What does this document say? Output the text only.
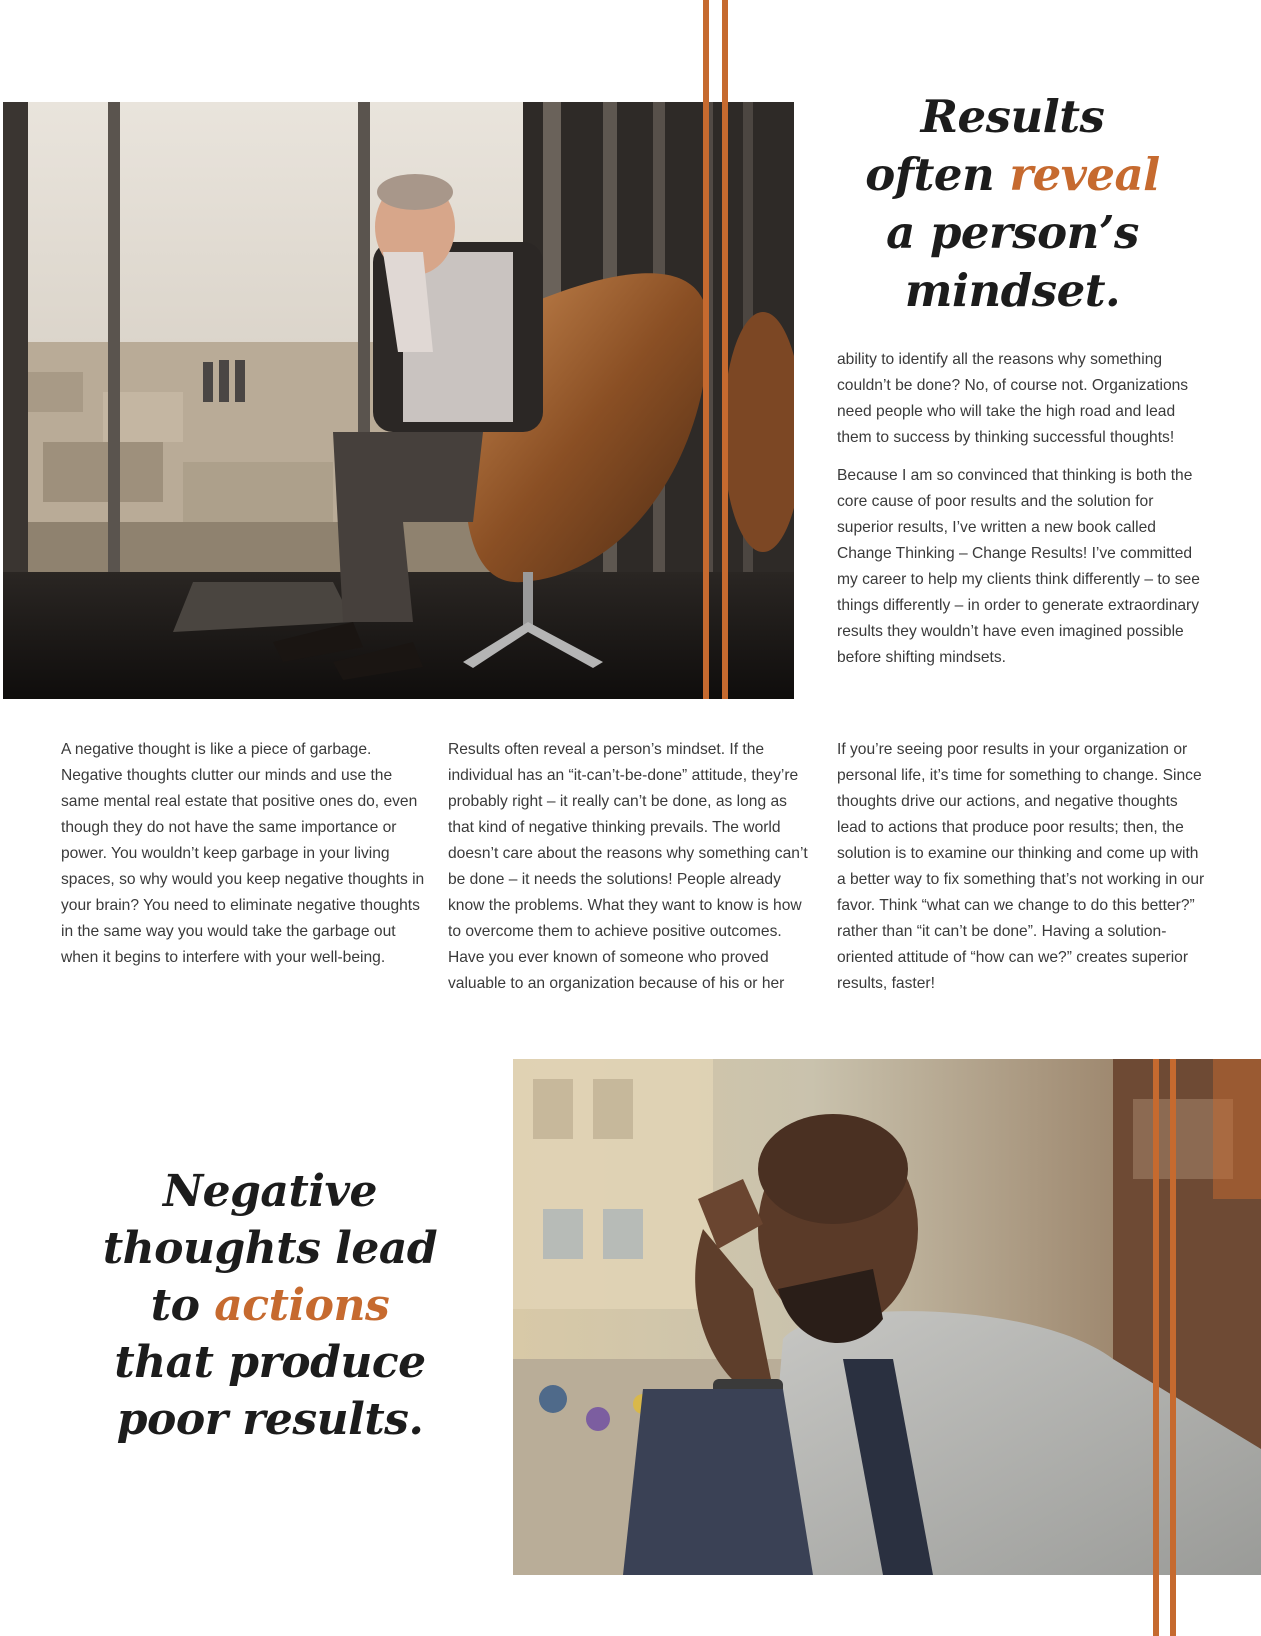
Results
often reveal
a person’s
mindset.
Negative
thoughts lead
to actions
that produce
poor results.

ability to identify all the reasons why something couldn’t be done? No, of course not. Organizations need people who will take the high road and lead them to success by thinking successful thoughts!

Because I am so convinced that thinking is both the core cause of poor results and the solution for superior results, I’ve written a new book called Change Thinking – Change Results! I’ve committed my career to help my clients think differently – to see things differently – in order to generate extraordinary results they wouldn’t have even imagined possible before shifting mindsets.

A negative thought is like a piece of garbage. Negative thoughts clutter our minds and use the same mental real estate that positive ones do, even though they do not have the same importance or power. You wouldn’t keep garbage in your living spaces, so why would you keep negative thoughts in your brain? You need to eliminate negative thoughts in the same way you would take the garbage out when it begins to interfere with your well-being.

Results often reveal a person’s mindset. If the individual has an “it-can’t-be-done” attitude, they’re probably right – it really can’t be done, as long as that kind of negative thinking prevails. The world doesn’t care about the reasons why something can’t be done – it needs the solutions! People already know the problems. What they want to know is how to overcome them to achieve positive outcomes. Have you ever known of someone who proved valuable to an organization because of his or her

If you’re seeing poor results in your organization or personal life, it’s time for something to change. Since thoughts drive our actions, and negative thoughts lead to actions that produce poor results; then, the solution is to examine our thinking and come up with a better way to fix something that’s not working in our favor. Think “what can we change to do this better?” rather than “it can’t be done”. Having a solution-oriented attitude of “how can we?” creates superior results, faster!
